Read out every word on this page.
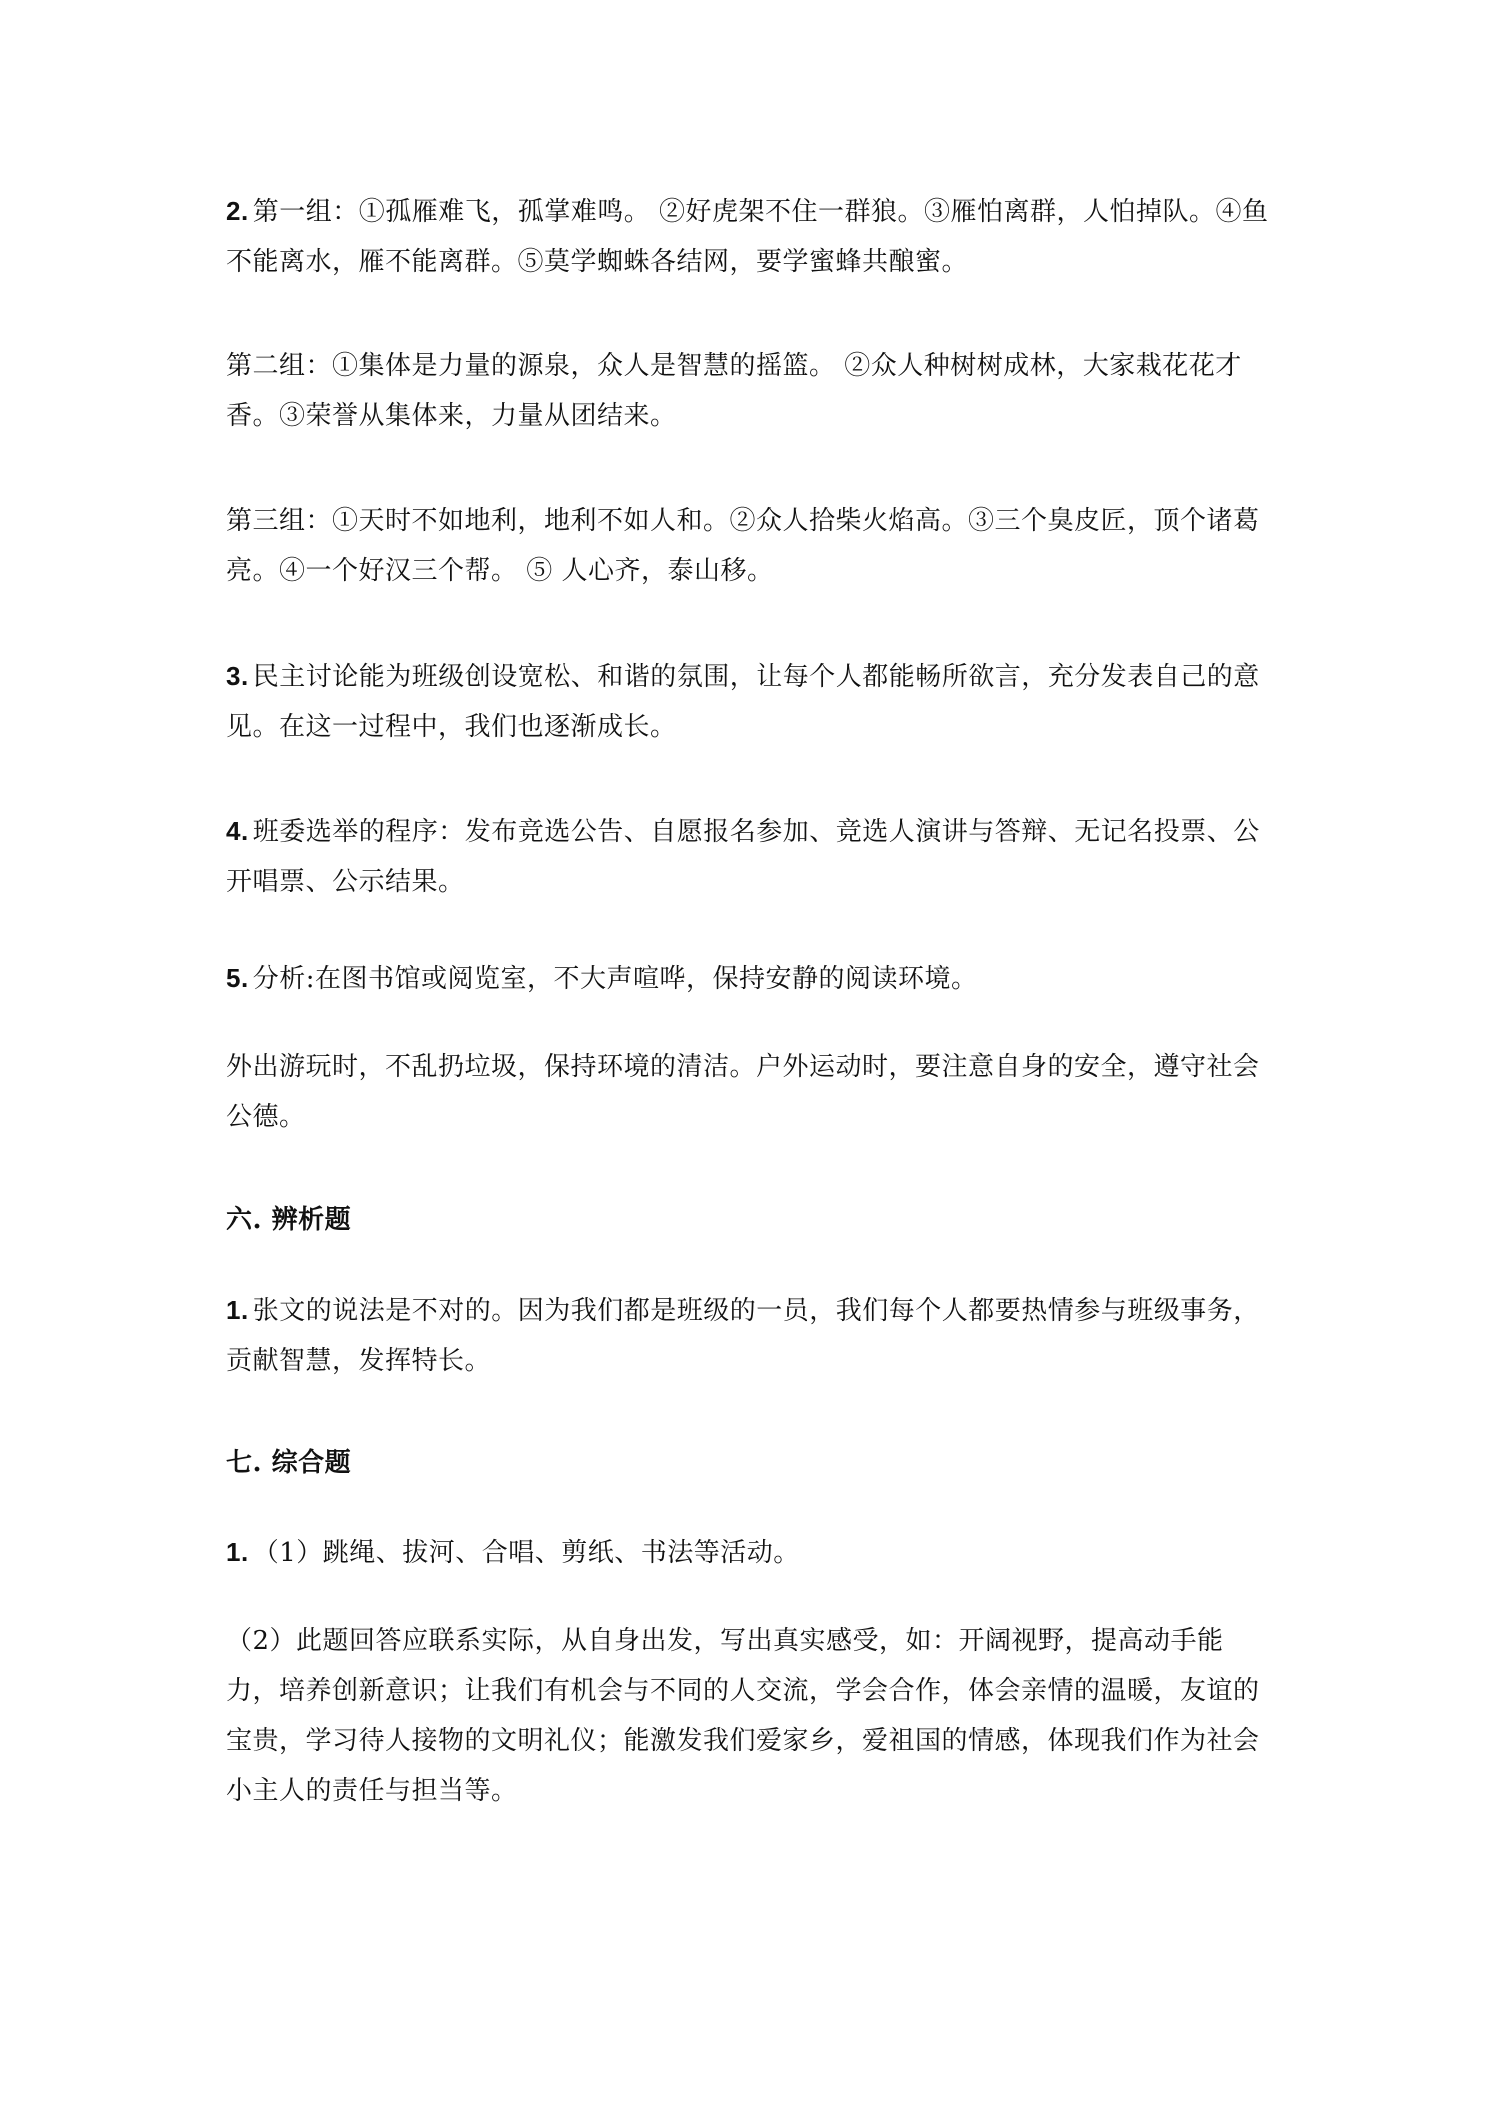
2. 第一组：①孤雁难飞，孤掌难鸣。 ②好虎架不住一群狼。③雁怕离群，人怕掉队。④鱼不能离水，雁不能离群。⑤莫学蜘蛛各结网，要学蜜蜂共酿蜜。

第二组：①集体是力量的源泉，众人是智慧的摇篮。 ②众人种树树成林，大家栽花花才香。③荣誉从集体来，力量从团结来。

第三组：①天时不如地利，地利不如人和。②众人拾柴火焰高。③三个臭皮匠，顶个诸葛亮。④一个好汉三个帮。 ⑤ 人心齐，泰山移。

3. 民主讨论能为班级创设宽松、和谐的氛围，让每个人都能畅所欲言，充分发表自己的意见。在这一过程中，我们也逐渐成长。

4. 班委选举的程序：发布竞选公告、自愿报名参加、竞选人演讲与答辩、无记名投票、公开唱票、公示结果。

5. 分析:在图书馆或阅览室，不大声喧哗，保持安静的阅读环境。

外出游玩时，不乱扔垃圾，保持环境的清洁。户外运动时，要注意自身的安全，遵守社会公德。

六. 辨析题

1. 张文的说法是不对的。因为我们都是班级的一员，我们每个人都要热情参与班级事务，贡献智慧，发挥特长。

七. 综合题

1. （1）跳绳、拔河、合唱、剪纸、书法等活动。

（2）此题回答应联系实际，从自身出发，写出真实感受，如：开阔视野，提高动手能力，培养创新意识；让我们有机会与不同的人交流，学会合作，体会亲情的温暖，友谊的宝贵，学习待人接物的文明礼仪；能激发我们爱家乡，爱祖国的情感，体现我们作为社会小主人的责任与担当等。
